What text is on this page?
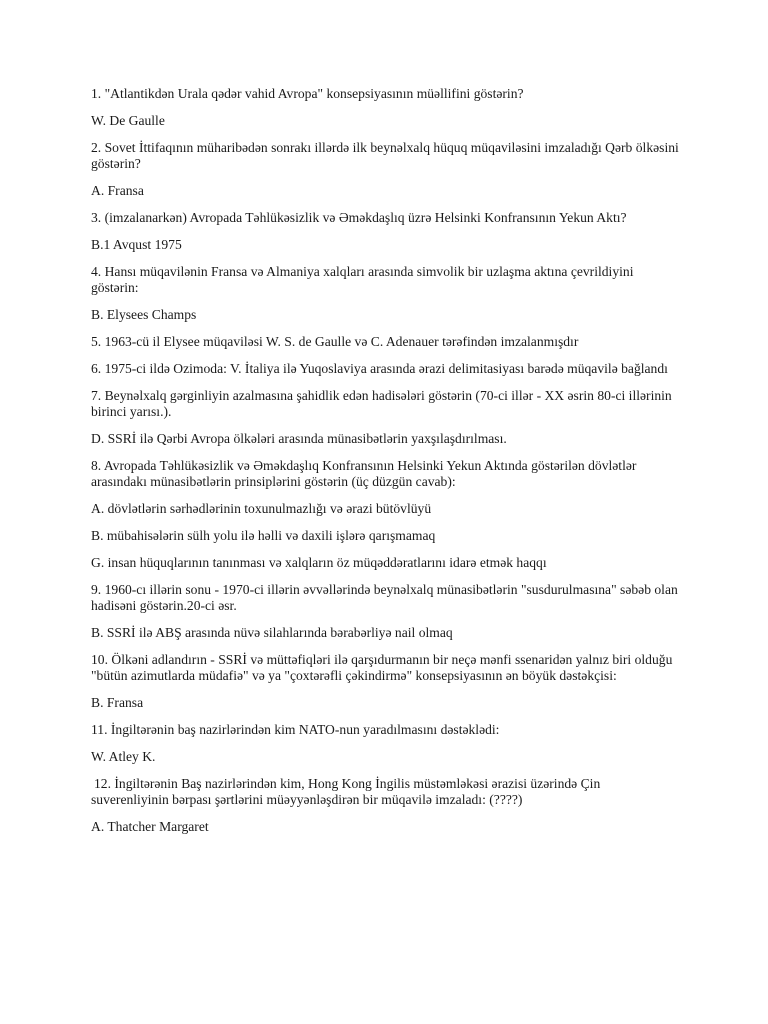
1. "Atlantikdən Urala qədər vahid Avropa" konsepsiyasının müəllifini göstərin?

W. De Gaulle

2. Sovet İttifaqının müharibədən sonrakı illərdə ilk beynəlxalq hüquq müqaviləsini imzaladığı Qərb ölkəsini göstərin?

A. Fransa

3. (imzalanarkən) Avropada Təhlükəsizlik və Əməkdaşlıq üzrə Helsinki Konfransının Yekun Aktı?

B.1 Avqust 1975

4. Hansı müqavilənin Fransa və Almaniya xalqları arasında simvolik bir uzlaşma aktına çevrildiyini göstərin:

B. Elysees Champs

5. 1963-cü il Elysee müqaviləsi W. S. de Gaulle və C. Adenauer tərəfindən imzalanmışdır

6. 1975-ci ildə Ozimoda: V. İtaliya ilə Yuqoslaviya arasında ərazi delimitasiyası barədə müqavilə bağlandı

7. Beynəlxalq gərginliyin azalmasına şahidlik edən hadisələri göstərin (70-ci illər - XX əsrin 80-ci illərinin birinci yarısı.).

D. SSRİ ilə Qərbi Avropa ölkələri arasında münasibətlərin yaxşılaşdırılması.

8. Avropada Təhlükəsizlik və Əməkdaşlıq Konfransının Helsinki Yekun Aktında göstərilən dövlətlər arasındakı münasibətlərin prinsiplərini göstərin (üç düzgün cavab):

A. dövlətlərin sərhədlərinin toxunulmazlığı və ərazi bütövlüyü

B. mübahisələrin sülh yolu ilə həlli və daxili işlərə qarışmamaq

G. insan hüquqlarının tanınması və xalqların öz müqəddəratlarını idarə etmək haqqı

9. 1960-cı illərin sonu - 1970-ci illərin əvvəllərində beynəlxalq münasibətlərin "susdurulmasına" səbəb olan hadisəni göstərin.20-ci əsr.

B. SSRİ ilə ABŞ arasında nüvə silahlarında bərabərliyə nail olmaq

10. Ölkəni adlandırın - SSRİ və müttəfiqləri ilə qarşıdurmanın bir neçə mənfi ssenaridən yalnız biri olduğu "bütün azimutlarda müdafiə" və ya "çoxtərəfli çəkindirmə" konsepsiyasının ən böyük dəstəkçisi:

B. Fransa

11. İngiltərənin baş nazirlərindən kim NATO-nun yaradılmasını dəstəklədi:

W. Atley K.

12. İngiltərənin Baş nazirlərindən kim, Hong Kong İngilis müstəmləkəsi ərazisi üzərində Çin suverenliyinin bərpası şərtlərini müəyyənləşdirən bir müqavilə imzaladı: (????)

A. Thatcher Margaret
